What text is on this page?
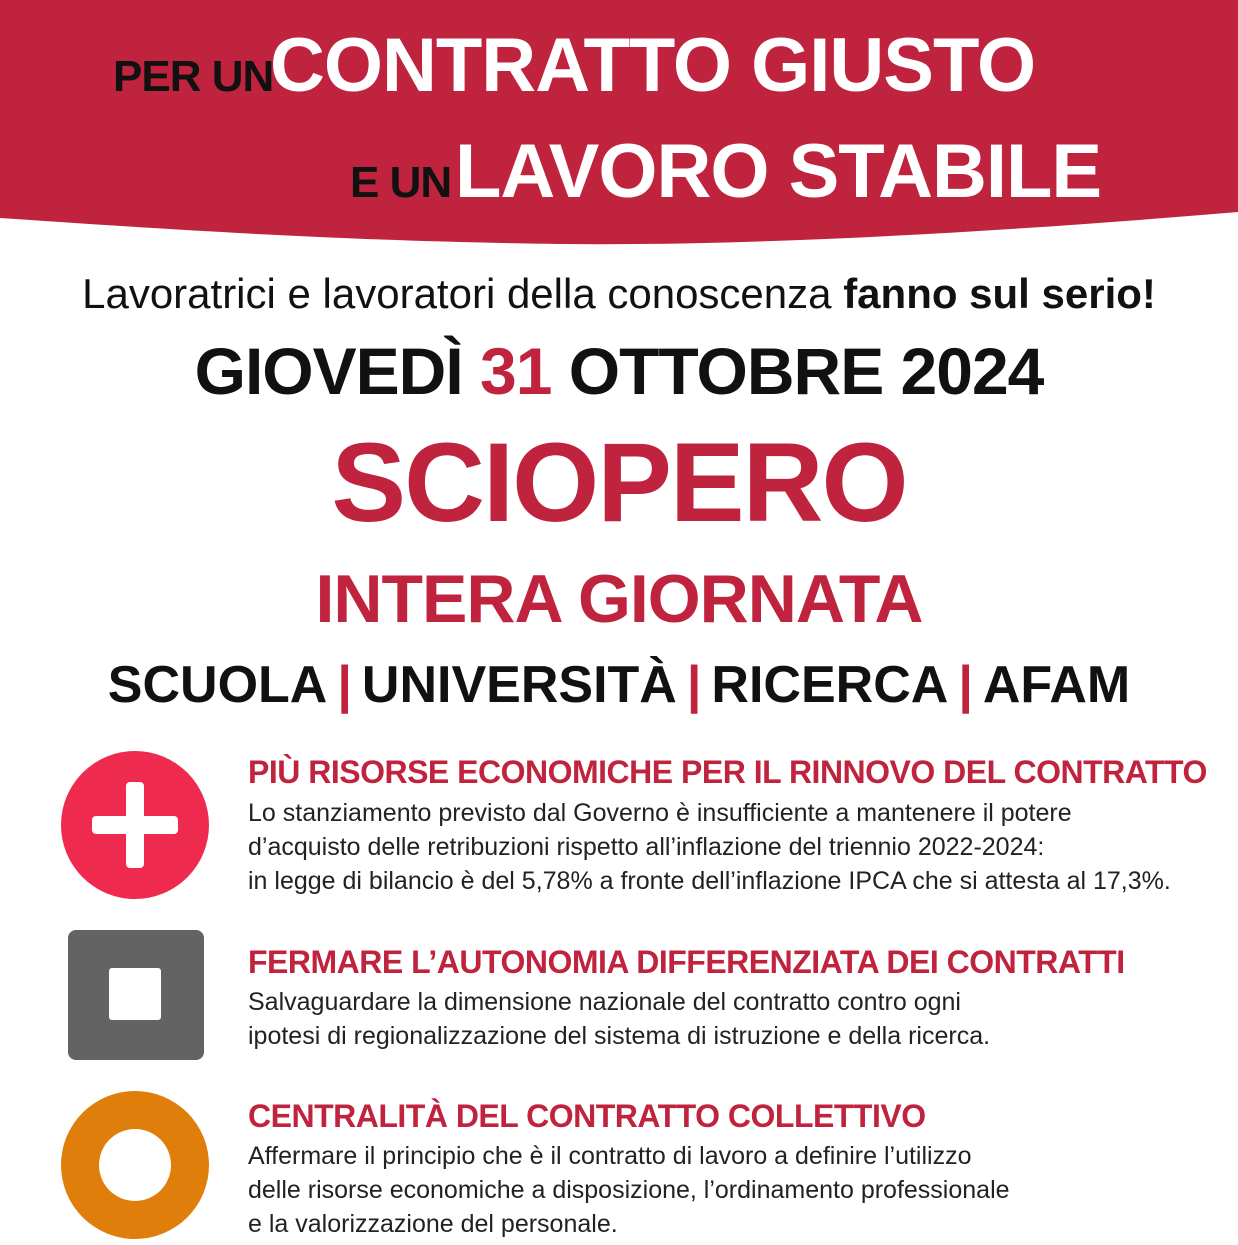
PER UN
CONTRATTO GIUSTO
E UN LAVORO STABILE
Lavoratrici e lavoratori della conoscenza fanno sul serio!
GIOVEDÌ 31 OTTOBRE 2024
SCIOPERO
INTERA GIORNATA
SCUOLA | UNIVERSITÀ | RICERCA | AFAM
PIÙ RISORSE ECONOMICHE PER IL RINNOVO DEL CONTRATTO
Lo stanziamento previsto dal Governo è insufficiente a mantenere il potere
d’acquisto delle retribuzioni rispetto all’inflazione del triennio 2022-2024:
in legge di bilancio è del 5,78% a fronte dell’inflazione IPCA che si attesta al 17,3%.
FERMARE L’AUTONOMIA DIFFERENZIATA DEI CONTRATTI
Salvaguardare la dimensione nazionale del contratto contro ogni
ipotesi di regionalizzazione del sistema di istruzione e della ricerca.
CENTRALITÀ DEL CONTRATTO COLLETTIVO
Affermare il principio che è il contratto di lavoro a definire l’utilizzo
delle risorse economiche a disposizione, l’ordinamento professionale
e la valorizzazione del personale.
